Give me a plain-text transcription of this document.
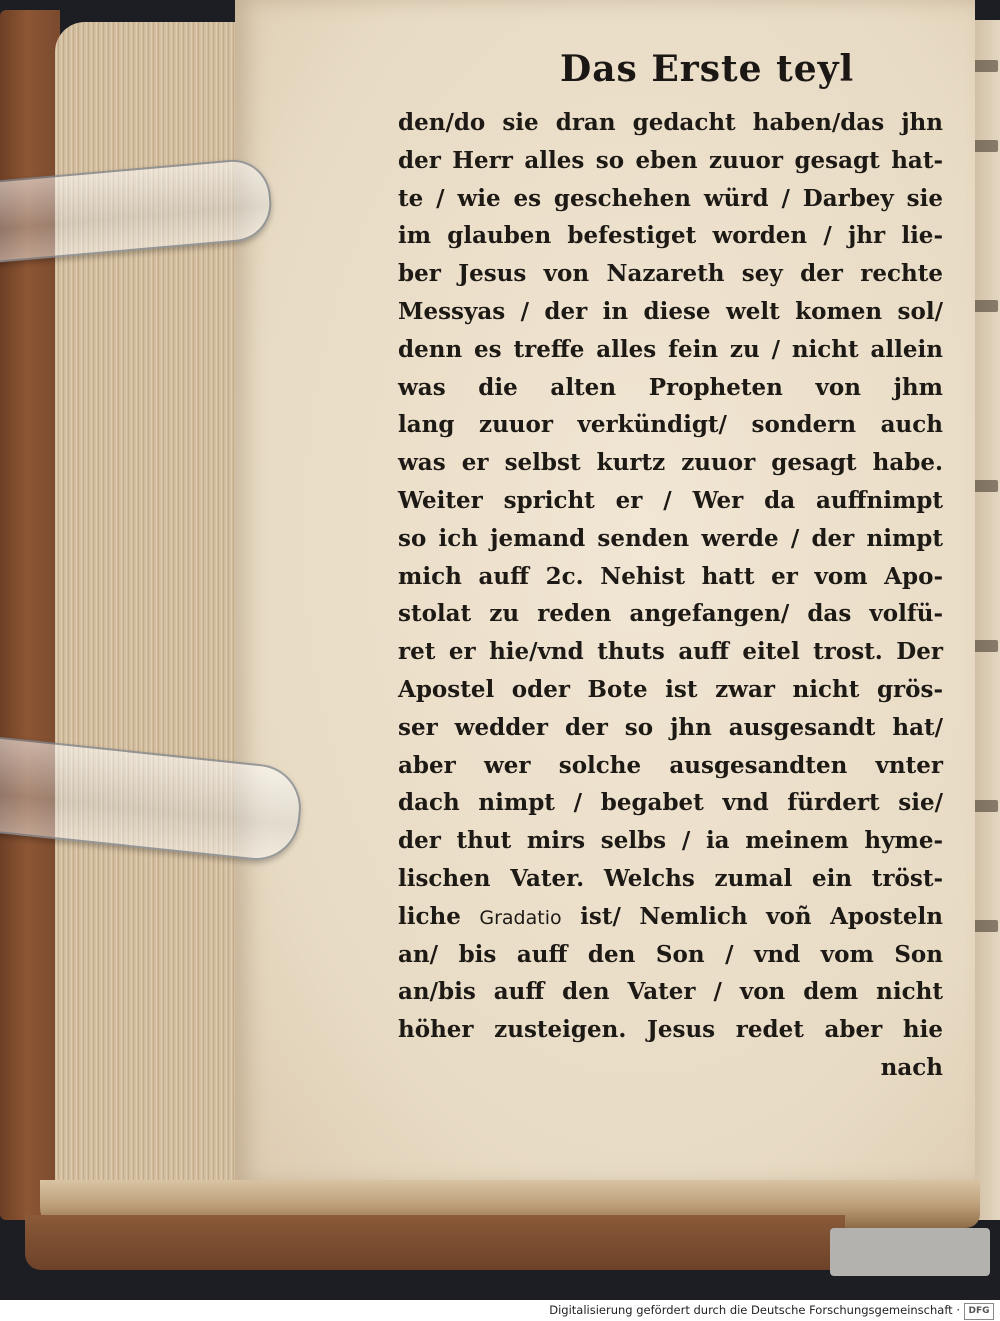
Das Erste teyl
den/do sie dran gedacht haben/das jhn
der Herr alles so eben zuuor gesagt hat-
te / wie es geschehen würd / Darbey sie
im glauben befestiget worden / jhr lie-
ber Jesus von Nazareth sey der rechte
Messyas / der in diese welt komen sol/
denn es treffe alles fein zu / nicht allein
was die alten Propheten von jhm
lang zuuor verkündigt/ sondern auch
was er selbst kurtz zuuor gesagt habe.
Weiter spricht er / Wer da auffnimpt
so ich jemand senden werde / der nimpt
mich auff 2c. Nehist hatt er vom Apo-
stolat zu reden angefangen/ das volfü-
ret er hie/vnd thuts auff eitel trost. Der
Apostel oder Bote ist zwar nicht grös-
ser wedder der so jhn ausgesandt hat/
aber wer solche ausgesandten vnter
dach nimpt / begabet vnd fürdert sie/
der thut mirs selbs / ia meinem hyme-
lischen Vater. Welchs zumal ein tröst-
liche Gradatio ist/ Nemlich voñ Aposteln
an/ bis auff den Son / vnd vom Son
an/bis auff den Vater / von dem nicht
höher zusteigen. Jesus redet aber hie
nach
Digitalisierung gefördert durch die Deutsche Forschungsgemeinschaft · DFG
